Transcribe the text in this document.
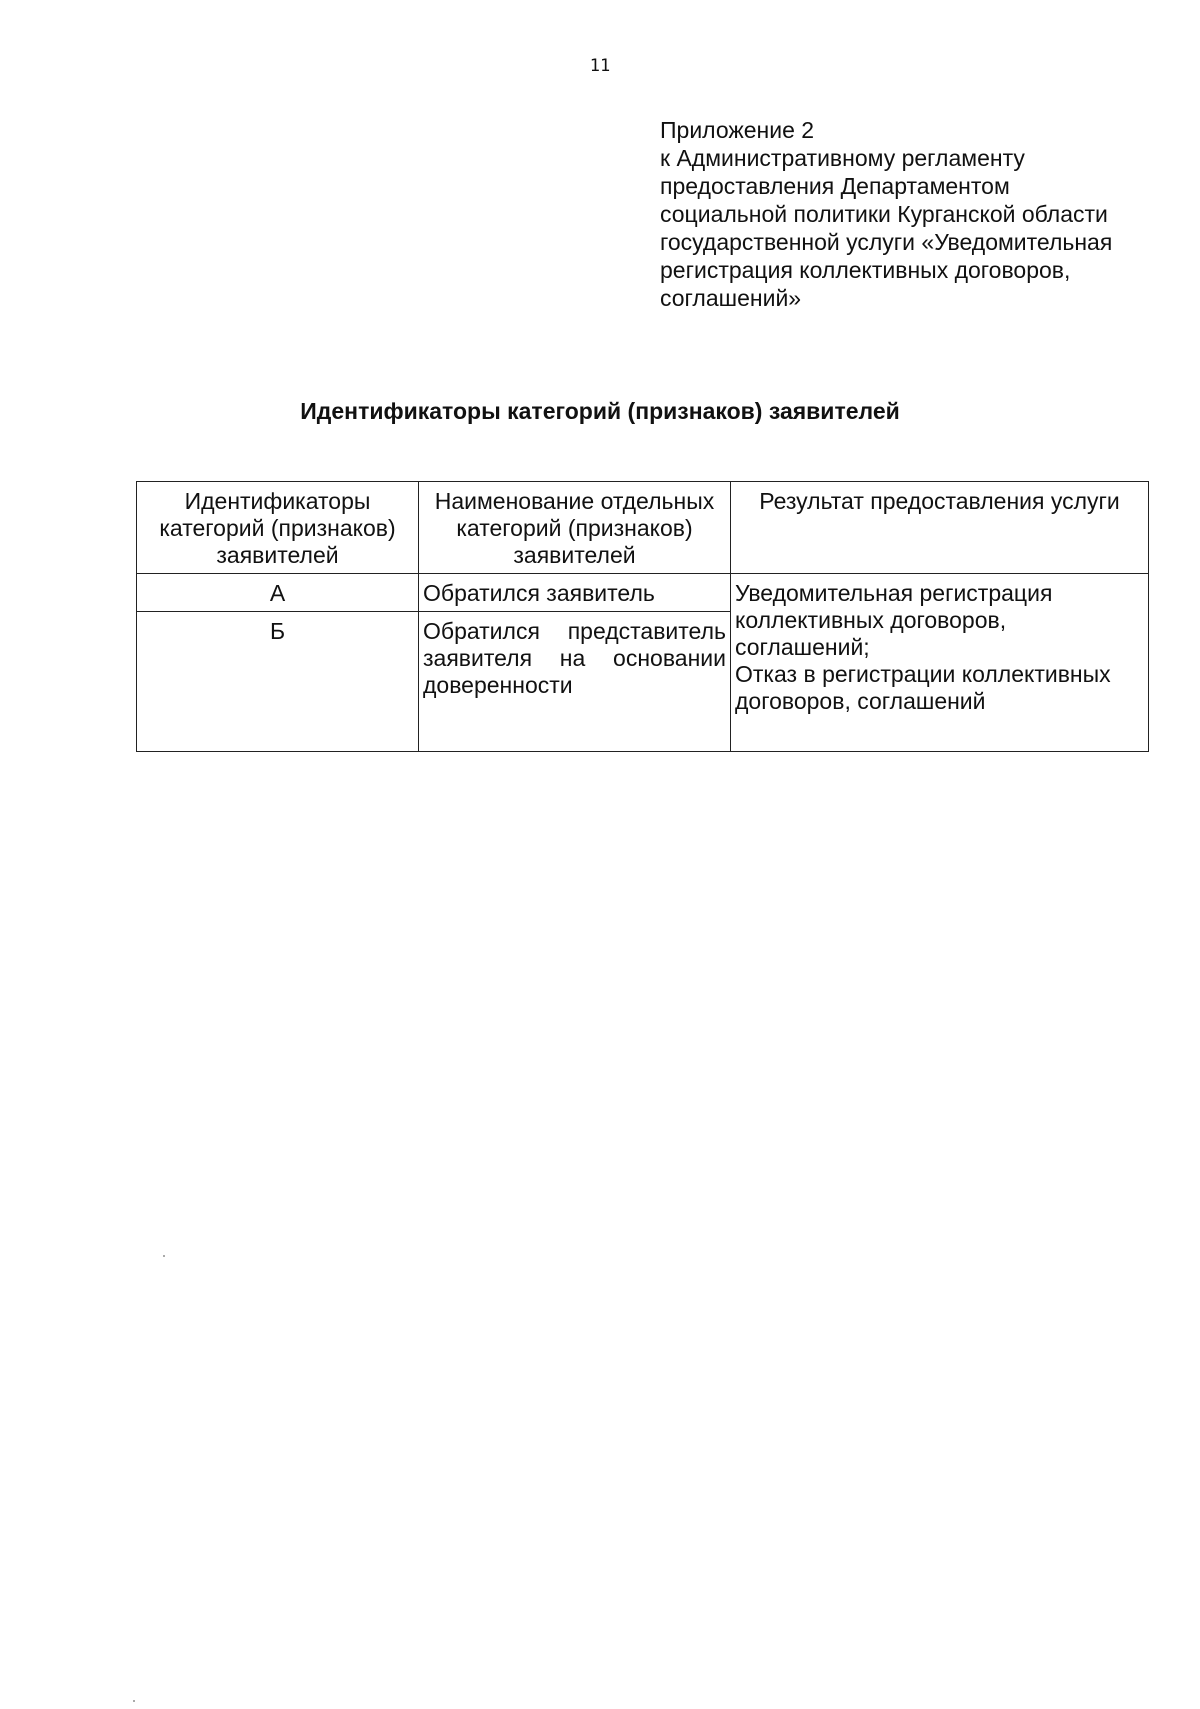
11
Приложение 2
к Административному регламенту
предоставления Департаментом
социальной политики Курганской области
государственной услуги «Уведомительная
регистрация коллективных договоров,
соглашений»
Идентификаторы категорий (признаков) заявителей
Идентификаторы категорий (признаков) заявителей	Наименование отдельных категорий (признаков) заявителей	Результат предоставления услуги
А	Обратился заявитель	Уведомительная регистрация коллективных договоров, соглашений;
Отказ в регистрации коллективных договоров, соглашений

Б	Обратился представитель заявителя на основании доверенности	
